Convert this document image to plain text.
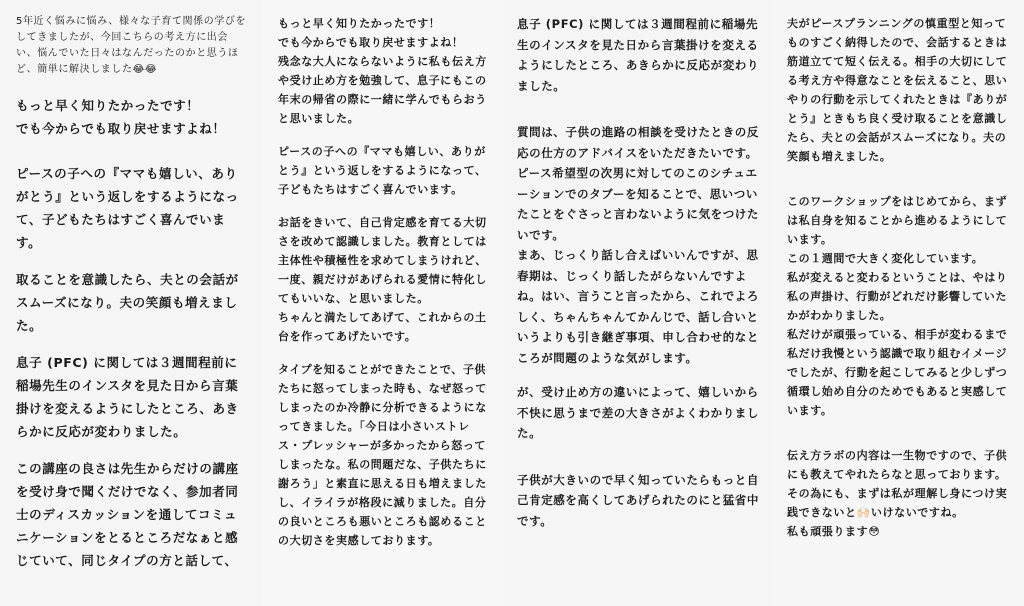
5年近く悩みに悩み、様々な子育て関係の学びをしてきましたが、今回こちらの考え方に出会い、悩んでいた日々はなんだったのかと思うほど、簡単に解決しました😂😂

もっと早く知りたかったです！
でも今からでも取り戻せますよね！

ピースの子への『ママも嬉しい、ありがとう』という返しをするようになって、子どもたちはすごく喜んでいます。

取ることを意識したら、夫との会話がスムーズになり。夫の笑顔も増えました。

息子 (PFC) に関しては３週間程前に稲場先生のインスタを見た日から言葉掛けを変えるようにしたところ、あきらかに反応が変わりました。

この講座の良さは先生からだけの講座を受け身で聞くだけでなく、参加者同士のディスカッションを通してコミュニケーションをとるところだなぁと感じていて、同じタイプの方と話して、

もっと早く知りたかったです！
でも今からでも取り戻せますよね！
残念な大人にならないように私も伝え方や受け止め方を勉強して、息子にもこの年末の帰省の際に一緒に学んでもらおうと思いました。

ピースの子への『ママも嬉しい、ありがとう』という返しをするようになって、子どもたちはすごく喜んでいます。

お話をきいて、自己肯定感を育てる大切さを改めて認識しました。教育としては主体性や積極性を求めてしまうけれど、一度、親だけがあげられる愛情に特化してもいいな、と思いました。
ちゃんと満たしてあげて、これからの土台を作ってあげたいです。

タイプを知ることができたことで、子供たちに怒ってしまった時も、なぜ怒ってしまったのか冷静に分析できるようになってきました。｢今日は小さいストレス・プレッシャーが多かったから怒ってしまったな。私の問題だな、子供たちに謝ろう」と素直に思える日も増えましたし、イライラが格段に減りました。自分の良いところも悪いところも認めることの大切さを実感しております。

息子 (PFC) に関しては３週間程前に稲場先生のインスタを見た日から言葉掛けを変えるようにしたところ、あきらかに反応が変わりました。

質問は、子供の進路の相談を受けたときの反応の仕方のアドバイスをいただきたいです。ピース希望型の次男に対してのこのシチュエーションでのタブーを知ることで、思いついたことをぐさっと言わないように気をつけたいです。
まあ、じっくり話し合えばいいんですが、思春期は、じっくり話したがらないんですよね。はい、言うこと言ったから、これでよろしく、ちゃんちゃんてかんじで、話し合いというよりも引き継ぎ事項、申し合わせ的なところが問題のような気がします。

が、受け止め方の違いによって、嬉しいから不快に思うまで差の大きさがよくわかりました。

子供が大きいので早く知っていたらもっと自己肯定感を高くしてあげられたのにと猛省中です。

夫がピースプランニングの慎重型と知ってものすごく納得したので、会話するときは
筋道立てて短く伝える。相手の大切にしてる考え方や得意なことを伝えること、思いやりの行動を示してくれたときは『ありがとう』ときもち良く受け取ることを意識したら、夫との会話がスムーズになり。夫の笑顔も増えました。

このワークショップをはじめてから、まずは私自身を知ることから進めるようにしています。
この１週間で大きく変化しています。
私が変えると変わるということは、やはり私の声掛け、行動がどれだけ影響していたかがわかりました。
私だけが頑張っている、相手が変わるまで私だけ我慢という認識で取り組むイメージでしたが、行動を起こしてみると少しずつ循環し始め自分のためでもあると実感しています。

伝え方ラボの内容は一生物ですので、子供にも教えてやれたらなと思っております。
その為にも、まずは私が理解し身につけ実践できないと🙌🏻いけないですね。
私も頑張ります😳
